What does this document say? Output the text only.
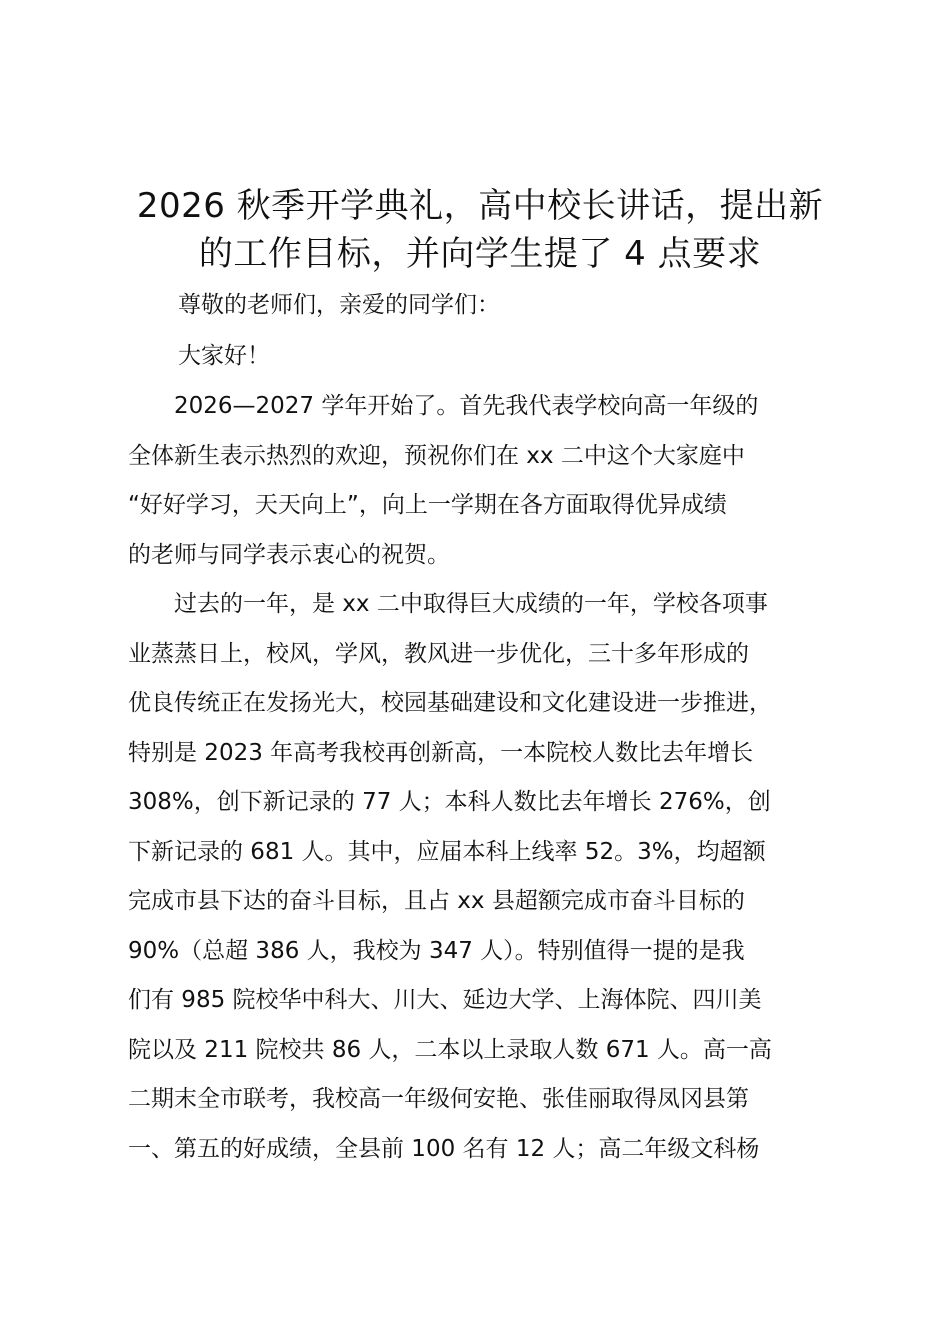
2026 秋季开学典礼，高中校长讲话，提出新
的工作目标，并向学生提了 4 点要求
尊敬的老师们，亲爱的同学们：
大家好！
　　2026—2027 学年开始了。首先我代表学校向高一年级的
全体新生表示热烈的欢迎，预祝你们在 xx 二中这个大家庭中
“好好学习，天天向上”，向上一学期在各方面取得优异成绩
的老师与同学表示衷心的祝贺。
　　过去的一年，是 xx 二中取得巨大成绩的一年，学校各项事
业蒸蒸日上，校风，学风，教风进一步优化，三十多年形成的
优良传统正在发扬光大，校园基础建设和文化建设进一步推进，
特别是 2023 年高考我校再创新高，一本院校人数比去年增长
308%，创下新记录的 77 人；本科人数比去年增长 276%，创
下新记录的 681 人。其中，应届本科上线率 52。3%，均超额
完成市县下达的奋斗目标，且占 xx 县超额完成市奋斗目标的
90%（总超 386 人，我校为 347 人）。特别值得一提的是我
们有 985 院校华中科大、川大、延边大学、上海体院、四川美
院以及 211 院校共 86 人，二本以上录取人数 671 人。高一高
二期末全市联考，我校高一年级何安艳、张佳丽取得凤冈县第
一、第五的好成绩，全县前 100 名有 12 人；高二年级文科杨
